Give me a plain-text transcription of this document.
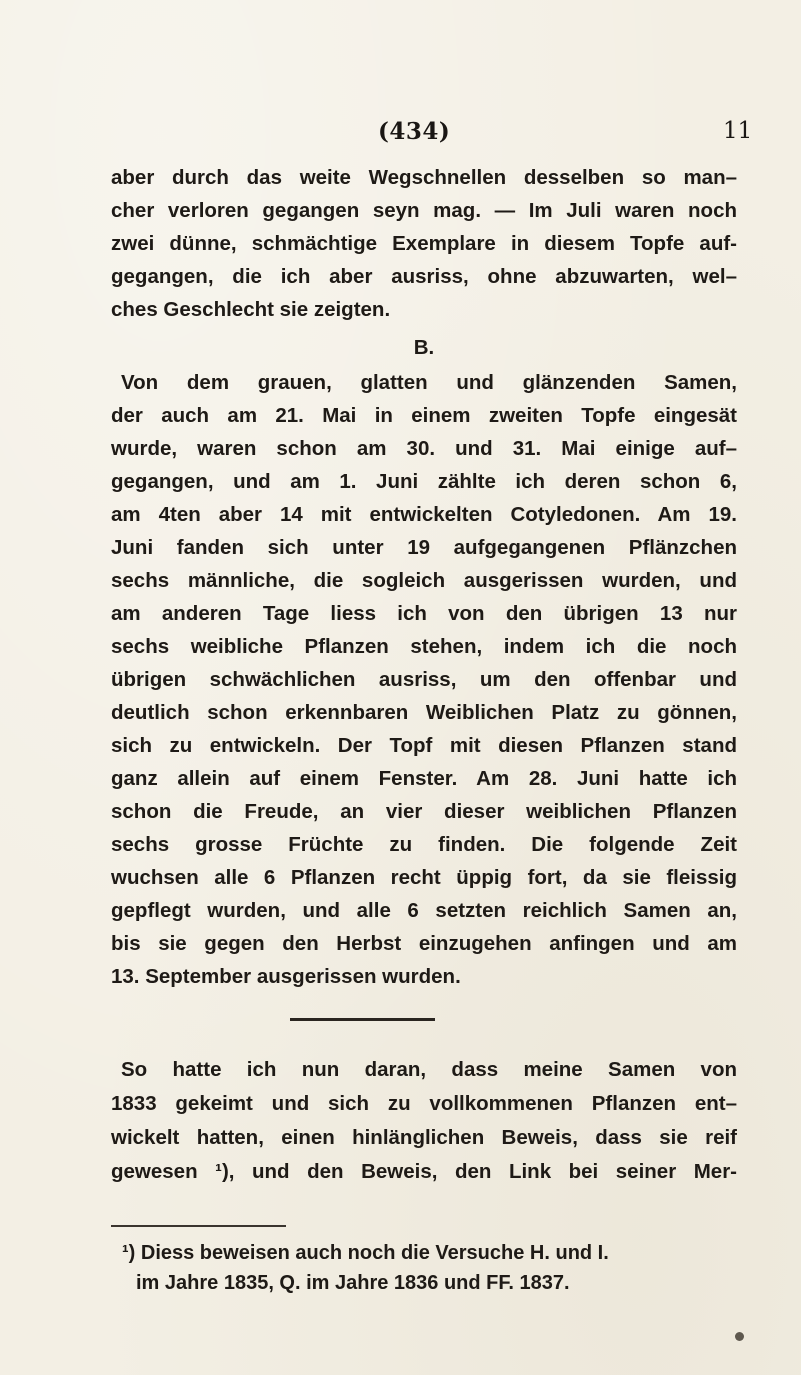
(434)	11
aber durch das weite Wegschnellen desselben so man–
cher verloren gegangen seyn mag. — Im Juli waren noch
zwei dünne, schmächtige Exemplare in diesem Topfe auf-
gegangen, die ich aber ausriss, ohne abzuwarten, wel–
ches Geschlecht sie zeigten.
B.
Von dem grauen, glatten und glänzenden Samen,
der auch am 21. Mai in einem zweiten Topfe eingesät
wurde, waren schon am 30. und 31. Mai einige auf–
gegangen, und am 1. Juni zählte ich deren schon 6,
am 4ten aber 14 mit entwickelten Cotyledonen. Am 19.
Juni fanden sich unter 19 aufgegangenen Pflänzchen
sechs männliche, die sogleich ausgerissen wurden, und
am anderen Tage liess ich von den übrigen 13 nur
sechs weibliche Pflanzen stehen, indem ich die noch
übrigen schwächlichen ausriss, um den offenbar und
deutlich schon erkennbaren Weiblichen Platz zu gönnen,
sich zu entwickeln. Der Topf mit diesen Pflanzen stand
ganz allein auf einem Fenster. Am 28. Juni hatte ich
schon die Freude, an vier dieser weiblichen Pflanzen
sechs grosse Früchte zu finden. Die folgende Zeit
wuchsen alle 6 Pflanzen recht üppig fort, da sie fleissig
gepflegt wurden, und alle 6 setzten reichlich Samen an,
bis sie gegen den Herbst einzugehen anfingen und am
13. September ausgerissen wurden.
So hatte ich nun daran, dass meine Samen von
1833 gekeimt und sich zu vollkommenen Pflanzen ent–
wickelt hatten, einen hinlänglichen Beweis, dass sie reif
gewesen ¹), und den Beweis, den Link bei seiner Mer-
¹) Diess beweisen auch noch die Versuche H. und I.
im Jahre 1835, Q. im Jahre 1836 und FF. 1837.
